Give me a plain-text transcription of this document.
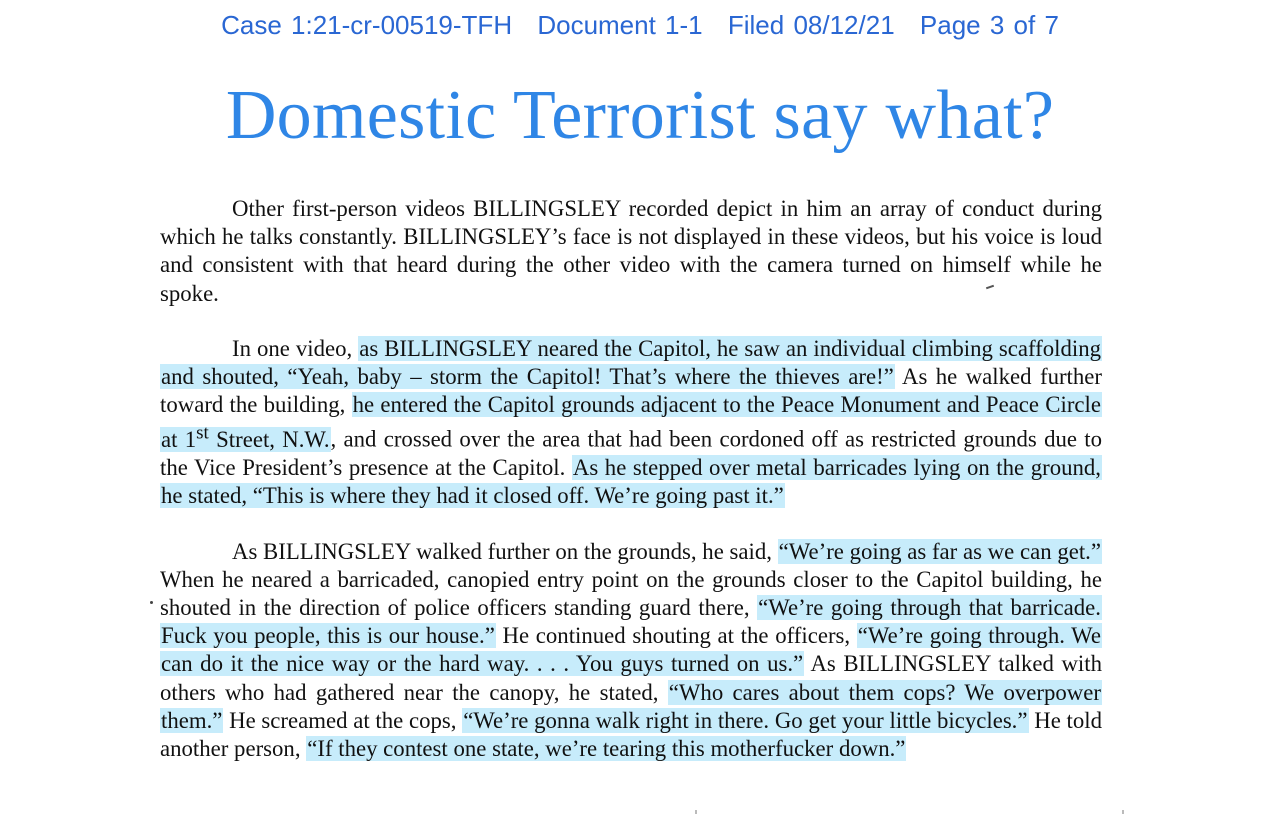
Case 1:21-cr-00519-TFH Document 1-1 Filed 08/12/21 Page 3 of 7
Domestic Terrorist say what?

Other first-person videos BILLINGSLEY recorded depict in him an array of conduct during which he talks constantly. BILLINGSLEY’s face is not displayed in these videos, but his voice is loud and consistent with that heard during the other video with the camera turned on himself while he spoke.

In one video, as BILLINGSLEY neared the Capitol, he saw an individual climbing scaffolding and shouted, “Yeah, baby – storm the Capitol! That’s where the thieves are!” As he walked further toward the building, he entered the Capitol grounds adjacent to the Peace Monument and Peace Circle at 1st Street, N.W., and crossed over the area that had been cordoned off as restricted grounds due to the Vice President’s presence at the Capitol. As he stepped over metal barricades lying on the ground, he stated, “This is where they had it closed off. We’re going past it.”

As BILLINGSLEY walked further on the grounds, he said, “We’re going as far as we can get.” When he neared a barricaded, canopied entry point on the grounds closer to the Capitol building, he shouted in the direction of police officers standing guard there, “We’re going through that barricade. Fuck you people, this is our house.” He continued shouting at the officers, “We’re going through. We can do it the nice way or the hard way. . . . You guys turned on us.” As BILLINGSLEY talked with others who had gathered near the canopy, he stated, “Who cares about them cops? We overpower them.” He screamed at the cops, “We’re gonna walk right in there. Go get your little bicycles.” He told another person, “If they contest one state, we’re tearing this motherfucker down.”
